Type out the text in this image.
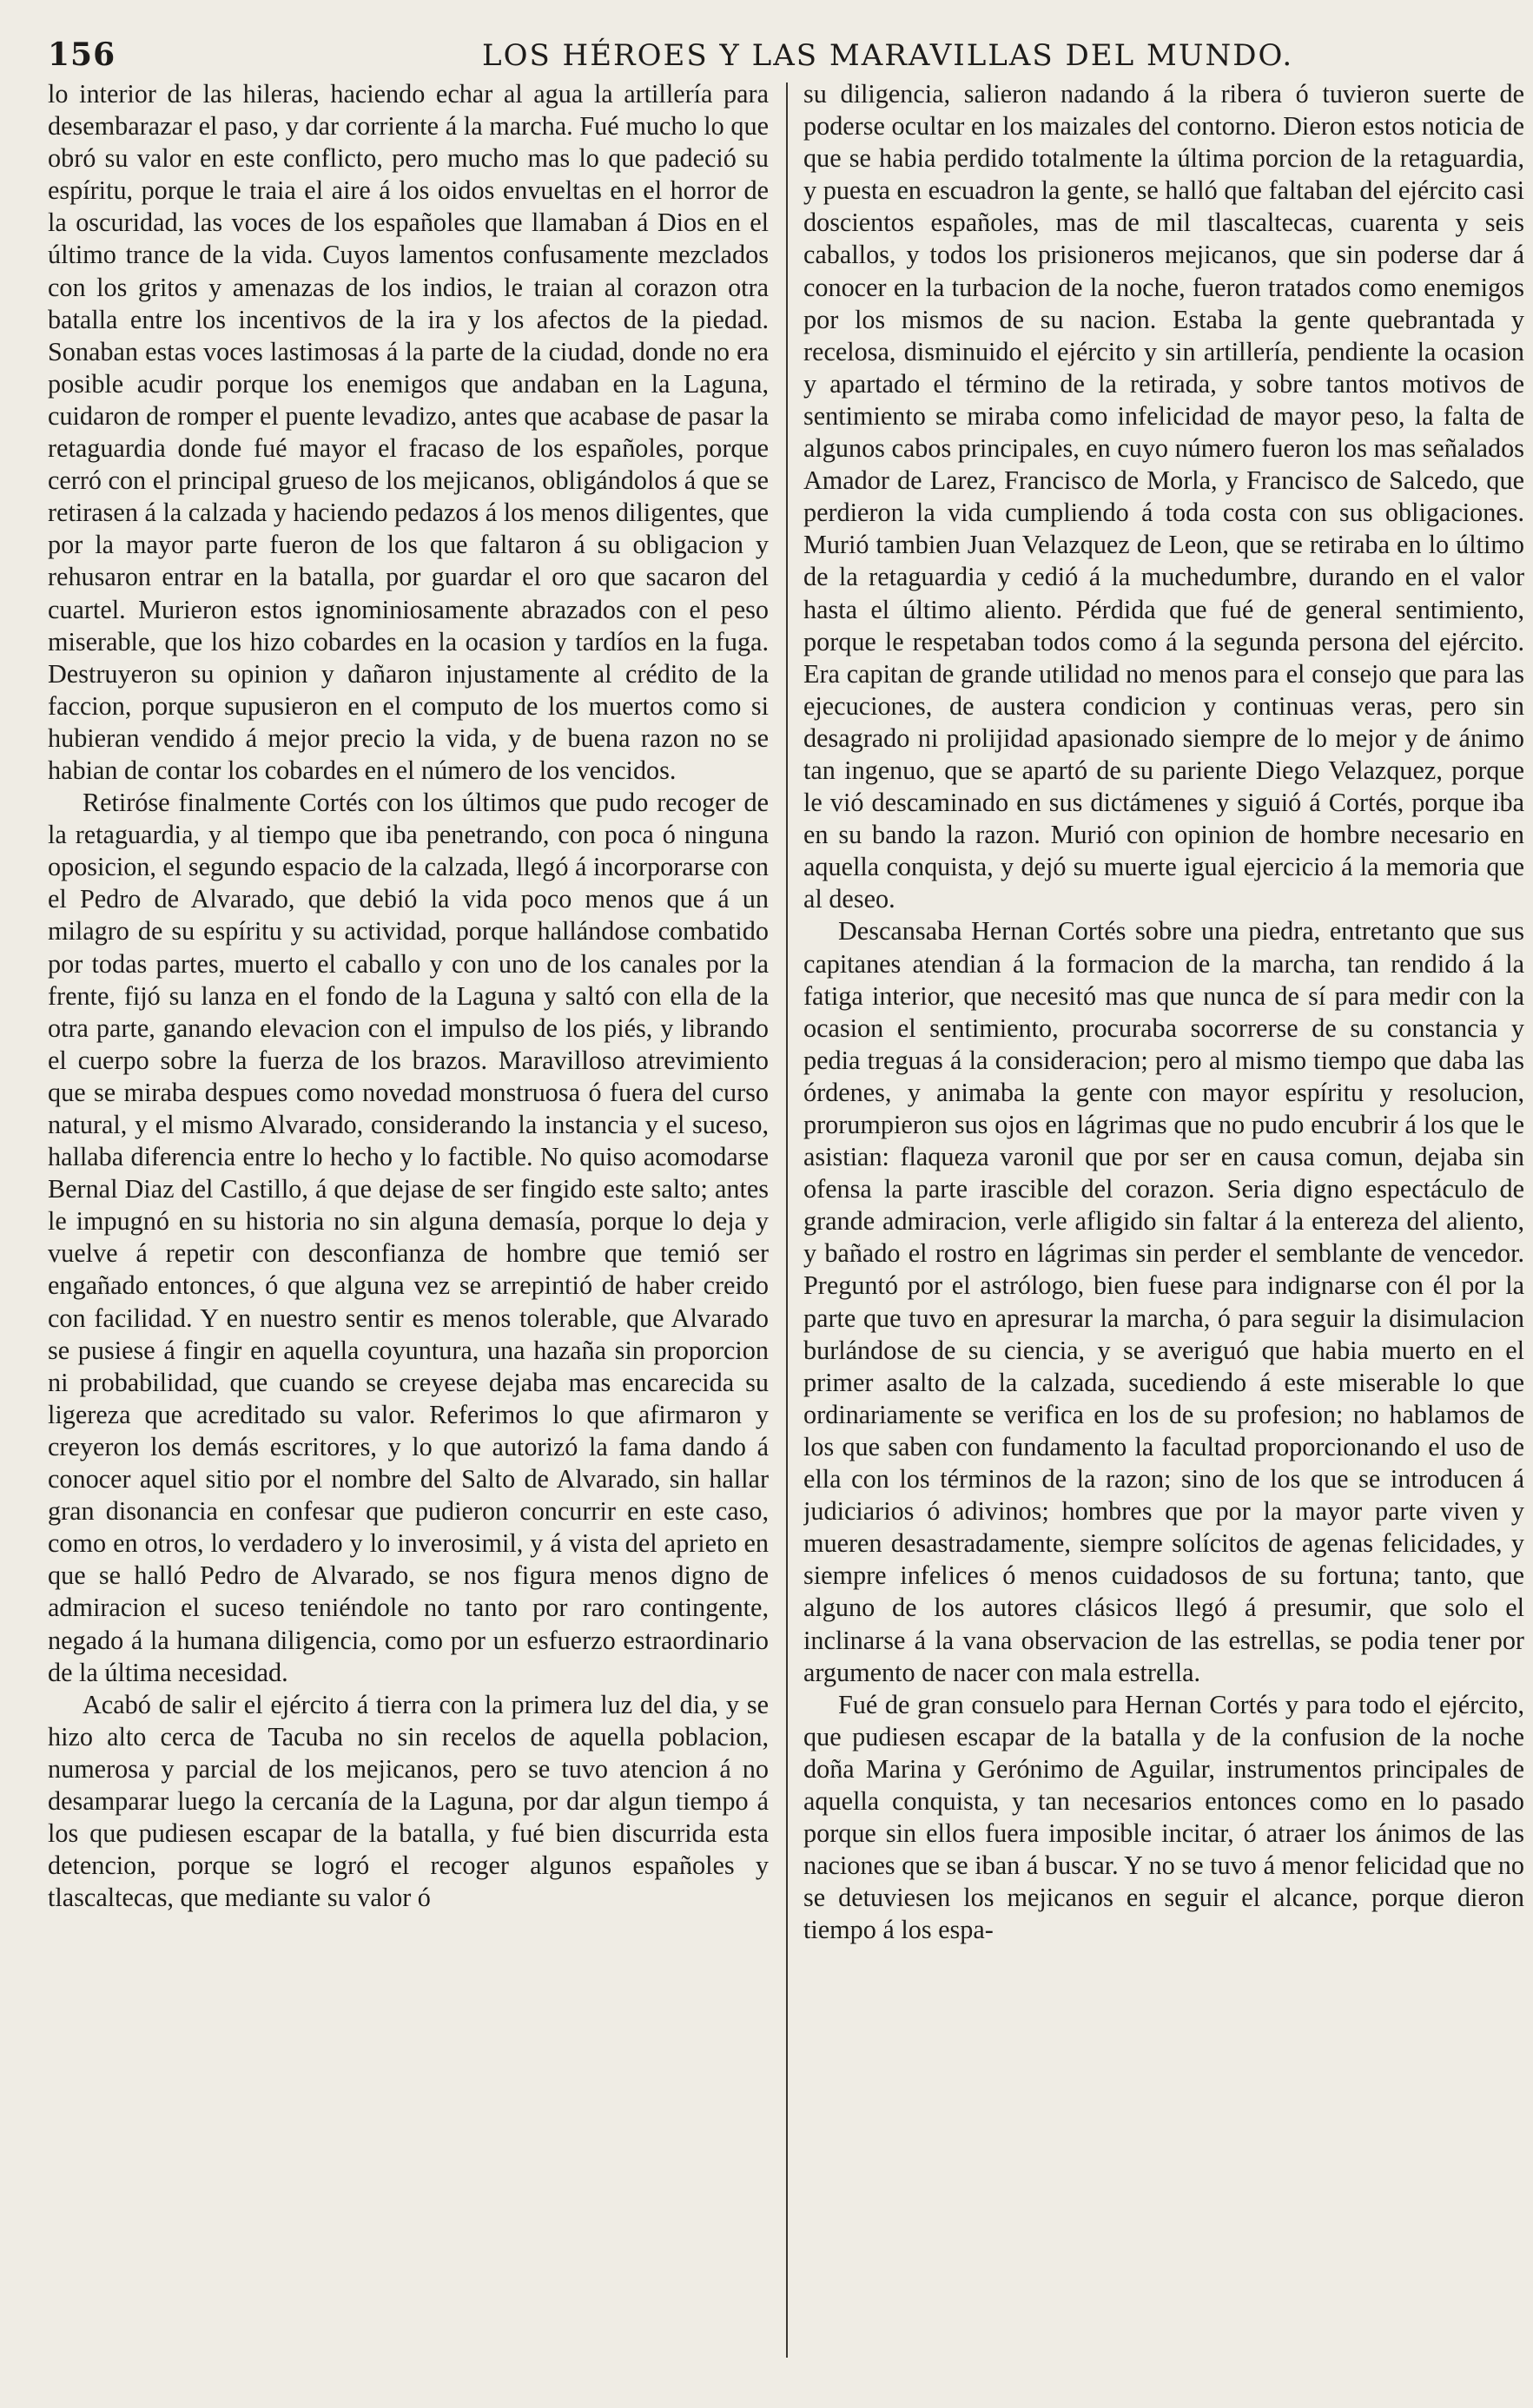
156	LOS HÉROES Y LAS MARAVILLAS DEL MUNDO.

lo interior de las hileras, haciendo echar al agua la artillería para desembarazar el paso, y dar corriente á la marcha. Fué mucho lo que obró su valor en este conflicto, pero mucho mas lo que padeció su espíritu, porque le traia el aire á los oidos envueltas en el horror de la oscuridad, las voces de los españoles que llamaban á Dios en el último trance de la vida. Cuyos lamentos confusamente mezclados con los gritos y amenazas de los indios, le traian al corazon otra batalla entre los incentivos de la ira y los afectos de la piedad. Sonaban estas voces lastimosas á la parte de la ciudad, donde no era posible acudir porque los enemigos que andaban en la Laguna, cuidaron de romper el puente levadizo, antes que acabase de pasar la retaguardia donde fué mayor el fracaso de los españoles, porque cerró con el principal grueso de los mejicanos, obligándolos á que se retirasen á la calzada y haciendo pedazos á los menos diligentes, que por la mayor parte fueron de los que faltaron á su obligacion y rehusaron entrar en la batalla, por guardar el oro que sacaron del cuartel. Murieron estos ignominiosamente abrazados con el peso miserable, que los hizo cobardes en la ocasion y tardíos en la fuga. Destruyeron su opinion y dañaron injustamente al crédito de la faccion, porque supusieron en el computo de los muertos como si hubieran vendido á mejor precio la vida, y de buena razon no se habian de contar los cobardes en el número de los vencidos.

Retiróse finalmente Cortés con los últimos que pudo recoger de la retaguardia, y al tiempo que iba penetrando, con poca ó ninguna oposicion, el segundo espacio de la calzada, llegó á incorporarse con el Pedro de Alvarado, que debió la vida poco menos que á un milagro de su espíritu y su actividad, porque hallándose combatido por todas partes, muerto el caballo y con uno de los canales por la frente, fijó su lanza en el fondo de la Laguna y saltó con ella de la otra parte, ganando elevacion con el impulso de los piés, y librando el cuerpo sobre la fuerza de los brazos. Maravilloso atrevimiento que se miraba despues como novedad monstruosa ó fuera del curso natural, y el mismo Alvarado, considerando la instancia y el suceso, hallaba diferencia entre lo hecho y lo factible. No quiso acomodarse Bernal Diaz del Castillo, á que dejase de ser fingido este salto; antes le impugnó en su historia no sin alguna demasía, porque lo deja y vuelve á repetir con desconfianza de hombre que temió ser engañado entonces, ó que alguna vez se arrepintió de haber creido con facilidad. Y en nuestro sentir es menos tolerable, que Alvarado se pusiese á fingir en aquella coyuntura, una hazaña sin proporcion ni probabilidad, que cuando se creyese dejaba mas encarecida su ligereza que acreditado su valor. Referimos lo que afirmaron y creyeron los demás escritores, y lo que autorizó la fama dando á conocer aquel sitio por el nombre del Salto de Alvarado, sin hallar gran disonancia en confesar que pudieron concurrir en este caso, como en otros, lo verdadero y lo inverosimil, y á vista del aprieto en que se halló Pedro de Alvarado, se nos figura menos digno de admiracion el suceso teniéndole no tanto por raro contingente, negado á la humana diligencia, como por un esfuerzo estraordinario de la última necesidad.

Acabó de salir el ejército á tierra con la primera luz del dia, y se hizo alto cerca de Tacuba no sin recelos de aquella poblacion, numerosa y parcial de los mejicanos, pero se tuvo atencion á no desamparar luego la cercanía de la Laguna, por dar algun tiempo á los que pudiesen escapar de la batalla, y fué bien discurrida esta detencion, porque se logró el recoger algunos españoles y tlascaltecas, que mediante su valor ó

su diligencia, salieron nadando á la ribera ó tuvieron suerte de poderse ocultar en los maizales del contorno. Dieron estos noticia de que se habia perdido totalmente la última porcion de la retaguardia, y puesta en escuadron la gente, se halló que faltaban del ejército casi doscientos españoles, mas de mil tlascaltecas, cuarenta y seis caballos, y todos los prisioneros mejicanos, que sin poderse dar á conocer en la turbacion de la noche, fueron tratados como enemigos por los mismos de su nacion. Estaba la gente quebrantada y recelosa, disminuido el ejército y sin artillería, pendiente la ocasion y apartado el término de la retirada, y sobre tantos motivos de sentimiento se miraba como infelicidad de mayor peso, la falta de algunos cabos principales, en cuyo número fueron los mas señalados Amador de Larez, Francisco de Morla, y Francisco de Salcedo, que perdieron la vida cumpliendo á toda costa con sus obligaciones. Murió tambien Juan Velazquez de Leon, que se retiraba en lo último de la retaguardia y cedió á la muchedumbre, durando en el valor hasta el último aliento. Pérdida que fué de general sentimiento, porque le respetaban todos como á la segunda persona del ejército. Era capitan de grande utilidad no menos para el consejo que para las ejecuciones, de austera condicion y continuas veras, pero sin desagrado ni prolijidad apasionado siempre de lo mejor y de ánimo tan ingenuo, que se apartó de su pariente Diego Velazquez, porque le vió descaminado en sus dictámenes y siguió á Cortés, porque iba en su bando la razon. Murió con opinion de hombre necesario en aquella conquista, y dejó su muerte igual ejercicio á la memoria que al deseo.

Descansaba Hernan Cortés sobre una piedra, entretanto que sus capitanes atendian á la formacion de la marcha, tan rendido á la fatiga interior, que necesitó mas que nunca de sí para medir con la ocasion el sentimiento, procuraba socorrerse de su constancia y pedia treguas á la consideracion; pero al mismo tiempo que daba las órdenes, y animaba la gente con mayor espíritu y resolucion, prorumpieron sus ojos en lágrimas que no pudo encubrir á los que le asistian: flaqueza varonil que por ser en causa comun, dejaba sin ofensa la parte irascible del corazon. Seria digno espectáculo de grande admiracion, verle afligido sin faltar á la entereza del aliento, y bañado el rostro en lágrimas sin perder el semblante de vencedor. Preguntó por el astrólogo, bien fuese para indignarse con él por la parte que tuvo en apresurar la marcha, ó para seguir la disimulacion burlándose de su ciencia, y se averiguó que habia muerto en el primer asalto de la calzada, sucediendo á este miserable lo que ordinariamente se verifica en los de su profesion; no hablamos de los que saben con fundamento la facultad proporcionando el uso de ella con los términos de la razon; sino de los que se introducen á judiciarios ó adivinos; hombres que por la mayor parte viven y mueren desastradamente, siempre solícitos de agenas felicidades, y siempre infelices ó menos cuidadosos de su fortuna; tanto, que alguno de los autores clásicos llegó á presumir, que solo el inclinarse á la vana observacion de las estrellas, se podia tener por argumento de nacer con mala estrella.

Fué de gran consuelo para Hernan Cortés y para todo el ejército, que pudiesen escapar de la batalla y de la confusion de la noche doña Marina y Gerónimo de Aguilar, instrumentos principales de aquella conquista, y tan necesarios entonces como en lo pasado porque sin ellos fuera imposible incitar, ó atraer los ánimos de las naciones que se iban á buscar. Y no se tuvo á menor felicidad que no se detuviesen los mejicanos en seguir el alcance, porque dieron tiempo á los espa-
